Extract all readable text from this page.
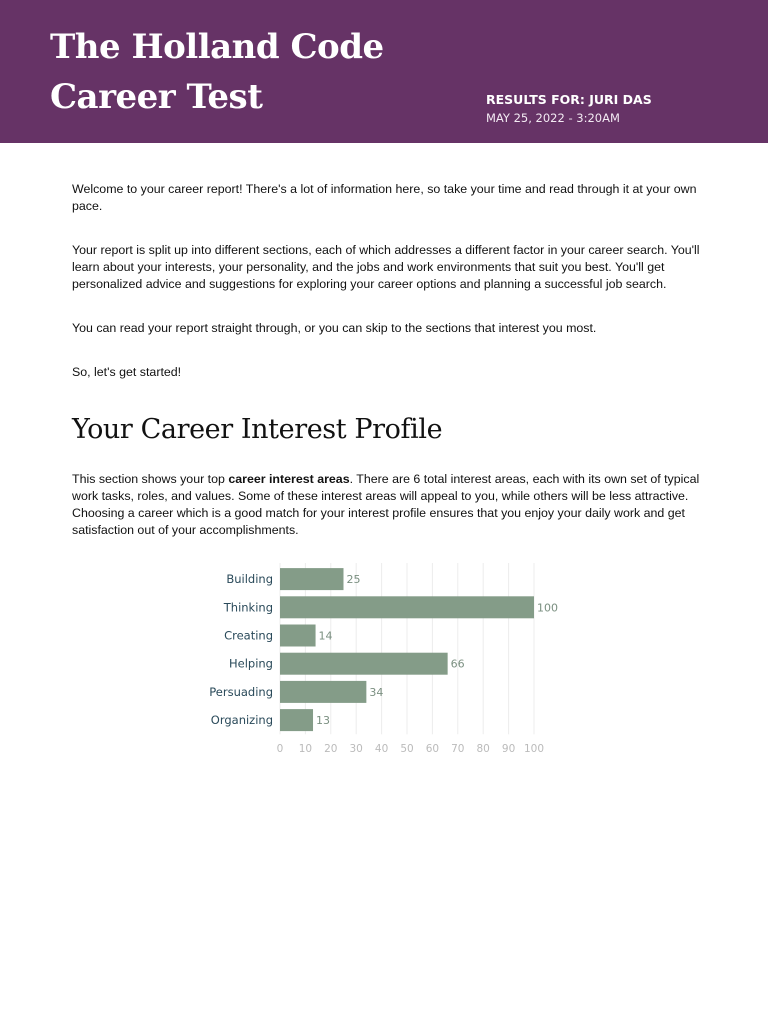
The Holland Code
Career Test	RESULTS FOR: JURI DAS
MAY 25, 2022 - 3:20AM

Welcome to your career report! There's a lot of information here, so take your time and read through it at your own pace.

Your report is split up into different sections, each of which addresses a different factor in your career search. You'll learn about your interests, your personality, and the jobs and work environments that suit you best. You'll get personalized advice and suggestions for exploring your career options and planning a successful job search.

You can read your report straight through, or you can skip to the sections that interest you most.

So, let's get started!

Your Career Interest Profile

This section shows your top career interest areas. There are 6 total interest areas, each with its own set of typical work tasks, roles, and values. Some of these interest areas will appeal to you, while others will be less attractive. Choosing a career which is a good match for your interest profile ensures that you enjoy your daily work and get satisfaction out of your accomplishments.

Building	25
Thinking	100
Creating	14
Helping	66
Persuading	34
Organizing	13
0 10 20 30 40 50 60 70 80 90 100
